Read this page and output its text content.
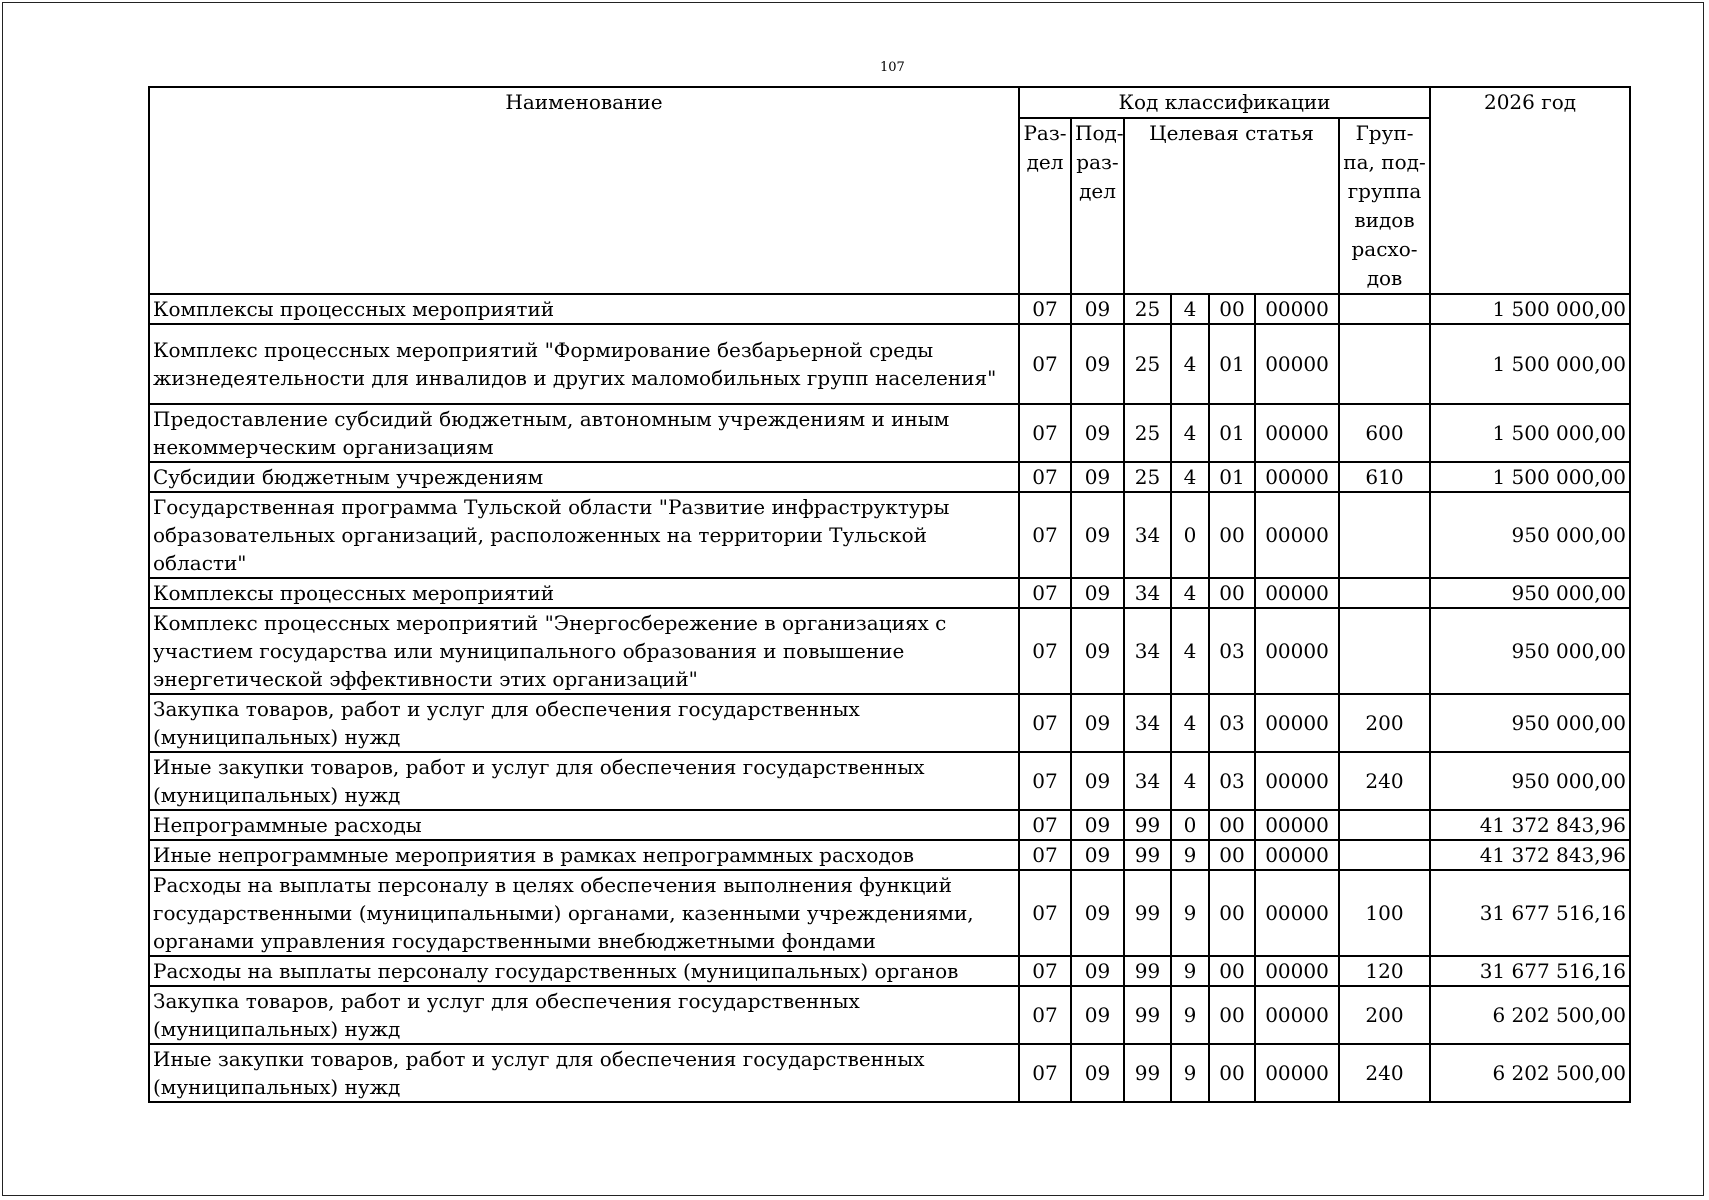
107
Наименование	Код классификации							2026 год
	Раз-дел	Под-раз-дел	Целевая статья				Груп-па, под-группа видов расхо-дов	
Комплексы процессных мероприятий	07	09	25	4	00	00000		1 500 000,00
Комплекс процессных мероприятий "Формирование безбарьерной среды жизнедеятельности для инвалидов и других маломобильных групп населения"	07	09	25	4	01	00000		1 500 000,00
Предоставление субсидий бюджетным, автономным учреждениям и иным некоммерческим организациям	07	09	25	4	01	00000	600	1 500 000,00
Субсидии бюджетным учреждениям	07	09	25	4	01	00000	610	1 500 000,00
Государственная программа Тульской области "Развитие инфраструктуры образовательных организаций, расположенных на территории Тульской области"	07	09	34	0	00	00000		950 000,00
Комплексы процессных мероприятий	07	09	34	4	00	00000		950 000,00
Комплекс процессных мероприятий "Энергосбережение в организациях с участием государства или муниципального образования и повышение энергетической эффективности этих организаций"	07	09	34	4	03	00000		950 000,00
Закупка товаров, работ и услуг для обеспечения государственных (муниципальных) нужд	07	09	34	4	03	00000	200	950 000,00
Иные закупки товаров, работ и услуг для обеспечения государственных (муниципальных) нужд	07	09	34	4	03	00000	240	950 000,00
Непрограммные расходы	07	09	99	0	00	00000		41 372 843,96
Иные непрограммные мероприятия в рамках непрограммных расходов	07	09	99	9	00	00000		41 372 843,96
Расходы на выплаты персоналу в целях обеспечения выполнения функций государственными (муниципальными) органами, казенными учреждениями, органами управления государственными внебюджетными фондами	07	09	99	9	00	00000	100	31 677 516,16
Расходы на выплаты персоналу государственных (муниципальных) органов	07	09	99	9	00	00000	120	31 677 516,16
Закупка товаров, работ и услуг для обеспечения государственных (муниципальных) нужд	07	09	99	9	00	00000	200	6 202 500,00
Иные закупки товаров, работ и услуг для обеспечения государственных (муниципальных) нужд	07	09	99	9	00	00000	240	6 202 500,00
